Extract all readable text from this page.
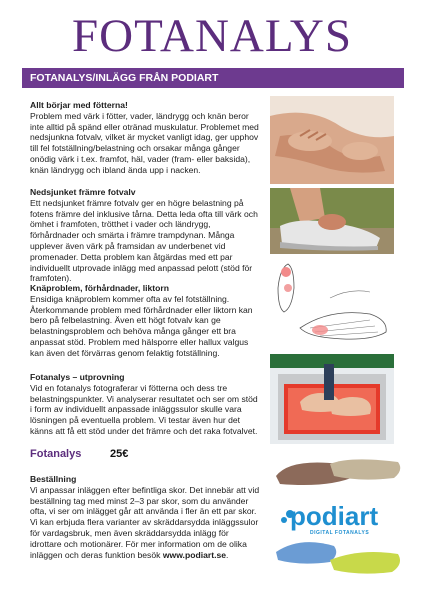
FOTANALYS
FOTANALYS/INLÄGG FRÅN PODIART
Allt börjar med fötterna!

Problem med värk i fötter, vader, ländrygg och knän beror inte alltid på spänd eller otränad muskulatur. Problemet med nedsjunkna fotvalv, vilket är mycket vanligt idag, ger upphov till fel fotställning/belastning och orsakar många gånger onödig värk i t.ex. framfot, häl, vader (fram- eller baksida), knän ländrygg och ibland ända upp i nacken.

Nedsjunket främre fotvalv

Ett nedsjunket främre fotvalv ger en högre belastning på fotens främre del inklusive tårna. Detta leda ofta till värk och ömhet i framfoten, trötthet i vader och ländrygg, förhårdnader och smärta i främre trampdynan. Många upplever även värk på framsidan av underbenet vid promenader. Detta problem kan åtgärdas med ett par individuellt utprovade inlägg med anpassad pelott (stöd för framfoten).

Knäproblem, förhårdnader, liktorn

Ensidiga knäproblem kommer ofta av fel fotställning. Återkommande problem med förhårdnader eller liktorn kan bero på felbelastning. Även ett högt fotvalv kan ge belastningsproblem och behöva många gånger ett bra anpassat stöd. Problem med hälsporre eller hallux valgus kan även det förvärras genom felaktig fotställning.

Fotanalys – utprovning

Vid en fotanalys fotograferar vi fötterna och dess tre belastningspunkter. Vi analyserar resultatet och ser om stöd i form av individuellt anpassade inläggssulor skulle vara lösningen på eventuella problem. Vi testar även hur det känns att få ett stöd under det främre och det raka fotvalvet.

Fotanalys	25€
Beställning

Vi anpassar inläggen efter befintliga skor. Det innebär att vid beställning tag med minst 2–3 par skor, som du använder ofta, vi ser om inlägget går att använda i fler än ett par skor. Vi kan erbjuda flera varianter av skräddarsydda inläggssulor för vardagsbruk, men även skräddarsydda inlägg för idrottare och motionärer. För mer information om de olika inläggen och deras funktion besök www.podiart.se.

podiart
DIGITAL FOTANALYS
